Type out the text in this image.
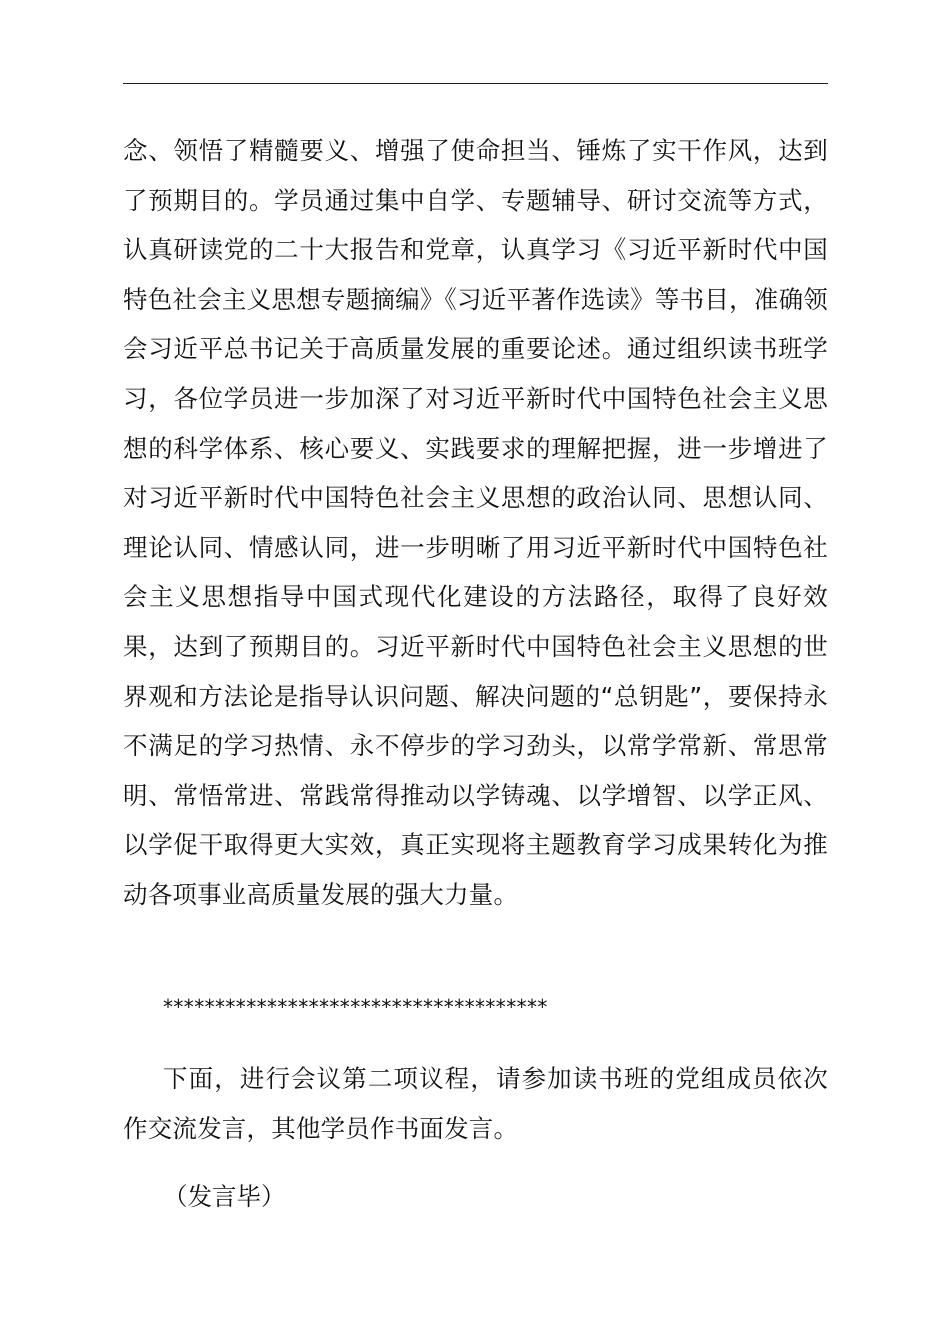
念、领悟了精髓要义、增强了使命担当、锤炼了实干作风，达到了预期目的。学员通过集中自学、专题辅导、研讨交流等方式，认真研读党的二十大报告和党章，认真学习《习近平新时代中国特色社会主义思想专题摘编》《习近平著作选读》等书目，准确领会习近平总书记关于高质量发展的重要论述。通过组织读书班学习，各位学员进一步加深了对习近平新时代中国特色社会主义思想的科学体系、核心要义、实践要求的理解把握，进一步增进了对习近平新时代中国特色社会主义思想的政治认同、思想认同、理论认同、情感认同，进一步明晰了用习近平新时代中国特色社会主义思想指导中国式现代化建设的方法路径，取得了良好效果，达到了预期目的。习近平新时代中国特色社会主义思想的世界观和方法论是指导认识问题、解决问题的“总钥匙”，要保持永不满足的学习热情、永不停步的学习劲头，以常学常新、常思常明、常悟常进、常践常得推动以学铸魂、以学增智、以学正风、以学促干取得更大实效，真正实现将主题教育学习成果转化为推动各项事业高质量发展的强大力量。

*************************************

下面，进行会议第二项议程，请参加读书班的党组成员依次作交流发言，其他学员作书面发言。

（发言毕）
